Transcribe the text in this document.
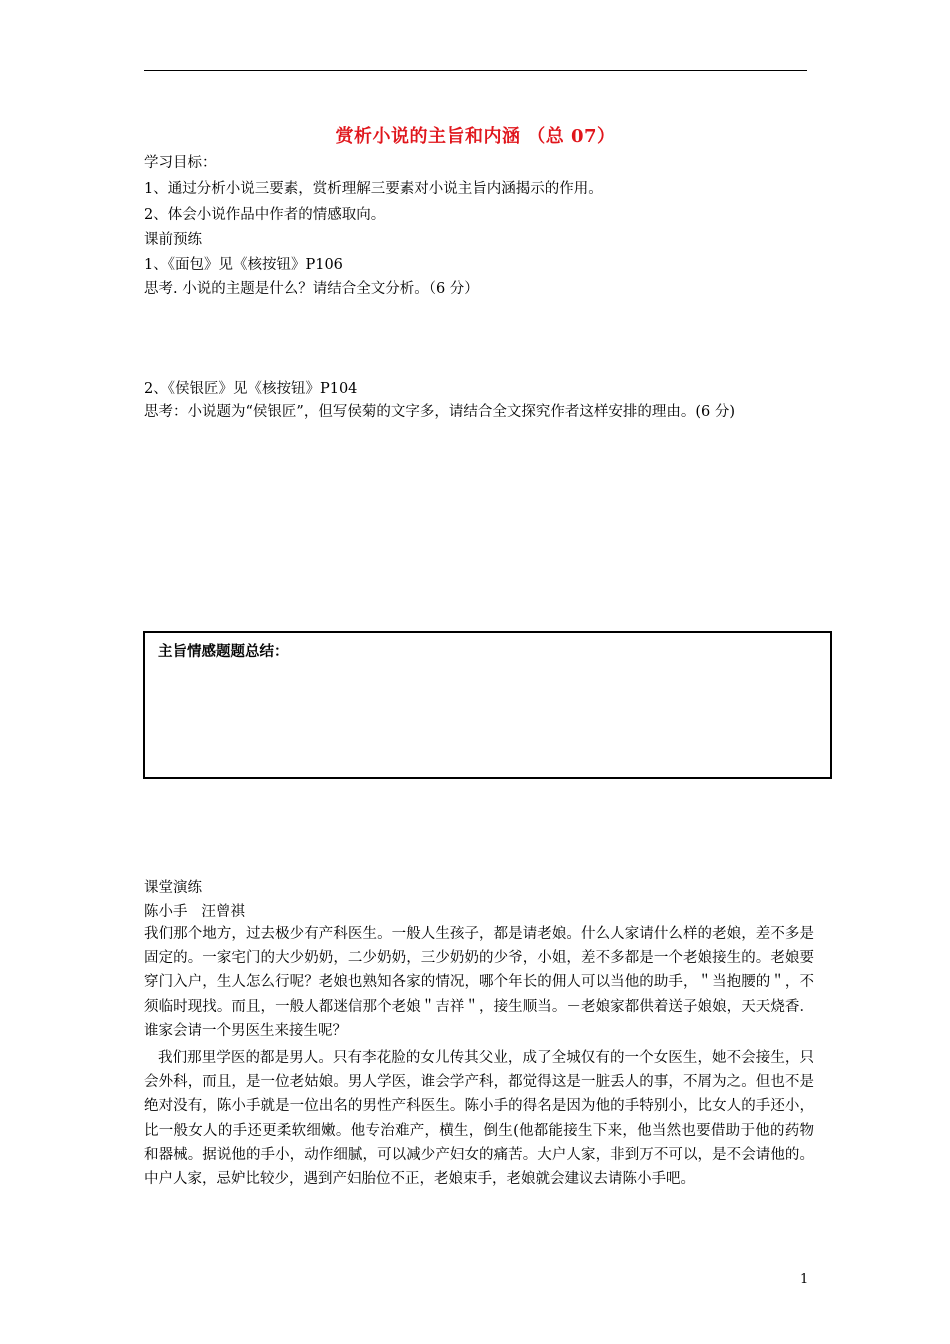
赏析小说的主旨和内涵 （总 07）
学习目标：
1、通过分析小说三要素，赏析理解三要素对小说主旨内涵揭示的作用。
2、体会小说作品中作者的情感取向。
课前预练
1、《面包》见《核按钮》P106
思考. 小说的主题是什么？请结合全文分析。（6 分）
2、《侯银匠》见《核按钮》P104
思考：小说题为“侯银匠”，但写侯菊的文字多，请结合全文探究作者这样安排的理由。(6 分)
主旨情感题题总结：
课堂演练
陈小手   汪曾祺
我们那个地方，过去极少有产科医生。一般人生孩子，都是请老娘。什么人家请什么样的老娘，差不多是固定的。一家宅门的大少奶奶，二少奶奶，三少奶奶的少爷，小姐，差不多都是一个老娘接生的。老娘要穿门入户，生人怎么行呢？老娘也熟知各家的情况，哪个年长的佣人可以当他的助手，＂当抱腰的＂，不须临时现找。而且，一般人都迷信那个老娘＂吉祥＂，接生顺当。－老娘家都供着送子娘娘，天天烧香．谁家会请一个男医生来接生呢？
我们那里学医的都是男人。只有李花脸的女儿传其父业，成了全城仅有的一个女医生，她不会接生，只会外科，而且，是一位老姑娘。男人学医，谁会学产科，都觉得这是一脏丢人的事，不屑为之。但也不是绝对没有，陈小手就是一位出名的男性产科医生。陈小手的得名是因为他的手特别小，比女人的手还小，比一般女人的手还更柔软细嫩。他专治难产，横生，倒生(他都能接生下来，他当然也要借助于他的药物和器械。据说他的手小，动作细腻，可以减少产妇女的痛苦。大户人家，非到万不可以，是不会请他的。中户人家，忌妒比较少，遇到产妇胎位不正，老娘束手，老娘就会建议去请陈小手吧。
1
